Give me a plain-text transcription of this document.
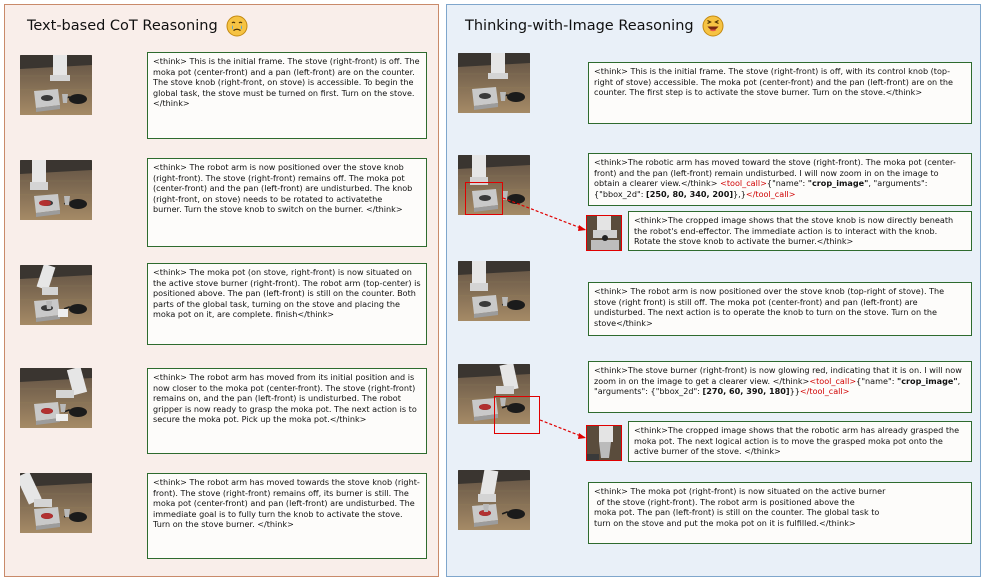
Text-based CoT Reasoning	Thinking-with-Image Reasoning
<think> This is the initial frame. The stove (right-front) is off. The moka pot (center-front) and a pan (left-front) are on the counter.
The stove knob (right-front, on stove) is accessible. To begin the global task, the stove must be turned on first. Turn on the stove. </think>
<think> The robot arm is now positioned over the stove knob (right-front). The stove (right-front) remains off. The moka pot (center-front) and the pan (left-front) are undisturbed. The knob (right-front, on stove) needs to be rotated to activatethe
burner. Turn the stove knob to switch on the burner. </think>
<think> The moka pot (on stove, right-front) is now situated on the active stove burner (right-front). The robot arm (top-center) is positioned above. The pan (left-front) is still on the counter. Both parts of the global task, turning on the stove and placing the moka pot on it, are complete. finish</think>
<think> The robot arm has moved from its initial position and is now closer to the moka pot (center-front). The stove (right-front) remains on, and the pan (left-front) is undisturbed. The robot gripper is now ready to grasp the moka pot. The next action is to secure the moka pot. Pick up the moka pot.</think>
<think> The robot arm has moved towards the stove knob (right-front). The stove (right-front) remains off, its burner is still. The moka pot (center-front) and pan (left-front) are undisturbed. The immediate goal is to fully turn the knob to activate the stove. Turn on the stove burner. </think>
<think> This is the initial frame. The stove (right-front) is off, with its control knob (top-right of stove) accessible. The moka pot (center-front) and the pan (left-front) are on the counter. The first step is to activate the stove burner. Turn on the stove.</think>
<think>The robotic arm has moved toward the stove (right-front). The moka pot (center-front) and the pan (left-front) remain undisturbed. I will now zoom in on the image to obtain a clearer view.</think> <tool_call>{"name": "crop_image", "arguments": {"bbox_2d": [250, 80, 340, 200]},}</tool_call>
<think>The cropped image shows that the stove knob is now directly beneath the robot's end-effector. The immediate action is to interact with the knob. Rotate the stove knob to activate the burner.</think>
<think> The robot arm is now positioned over the stove knob (top-right of stove). The stove (right front) is still off. The moka pot (center-front) and pan (left-front) are undisturbed. The next action is to operate the knob to turn on the stove. Turn on the stove</think>
<think>The stove burner (right-front) is now glowing red, indicating that it is on. I will now zoom in on the image to get a clearer view. </think><tool_call>{"name": "crop_image", "arguments": {"bbox_2d": [270, 60, 390, 180]}}</tool_call>
<think>The cropped image shows that the robotic arm has already grasped the moka pot. The next logical action is to move the grasped moka pot onto the active burner of the stove. </think>
<think> The moka pot (right-front) is now situated on the active burner
of the stove (right-front). The robot arm is positioned above the
moka pot. The pan (left-front) is still on the counter. The global task to
turn on the stove and put the moka pot on it is fulfilled.</think>
